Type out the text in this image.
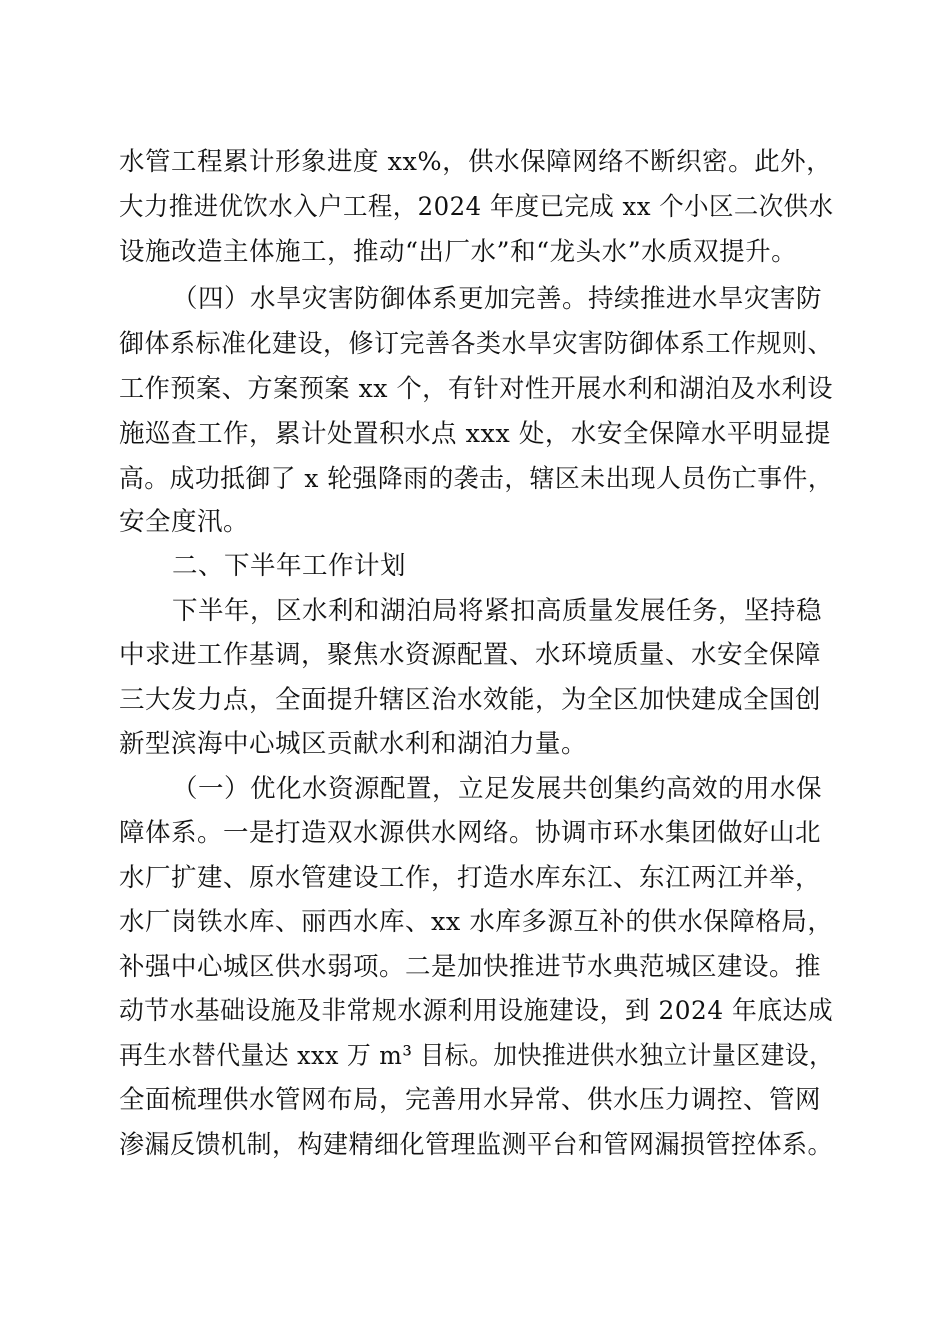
水管工程累计形象进度 xx%，供水保障网络不断织密。此外，
大力推进优饮水入户工程，2024 年度已完成 xx 个小区二次供水
设施改造主体施工，推动“出厂水”和“龙头水”水质双提升。
（四）水旱灾害防御体系更加完善。持续推进水旱灾害防
御体系标准化建设，修订完善各类水旱灾害防御体系工作规则、
工作预案、方案预案 xx 个，有针对性开展水利和湖泊及水利设
施巡查工作，累计处置积水点 xxx 处，水安全保障水平明显提
高。成功抵御了 x 轮强降雨的袭击，辖区未出现人员伤亡事件，
安全度汛。
二、下半年工作计划
下半年，区水利和湖泊局将紧扣高质量发展任务，坚持稳
中求进工作基调，聚焦水资源配置、水环境质量、水安全保障
三大发力点，全面提升辖区治水效能，为全区加快建成全国创
新型滨海中心城区贡献水利和湖泊力量。
（一）优化水资源配置，立足发展共创集约高效的用水保
障体系。一是打造双水源供水网络。协调市环水集团做好山北
水厂扩建、原水管建设工作，打造水库东江、东江两江并举，
水厂岗铁水库、丽西水库、xx 水库多源互补的供水保障格局，
补强中心城区供水弱项。二是加快推进节水典范城区建设。推
动节水基础设施及非常规水源利用设施建设，到 2024 年底达成
再生水替代量达 xxx 万 m³ 目标。加快推进供水独立计量区建设，
全面梳理供水管网布局，完善用水异常、供水压力调控、管网
渗漏反馈机制，构建精细化管理监测平台和管网漏损管控体系。
